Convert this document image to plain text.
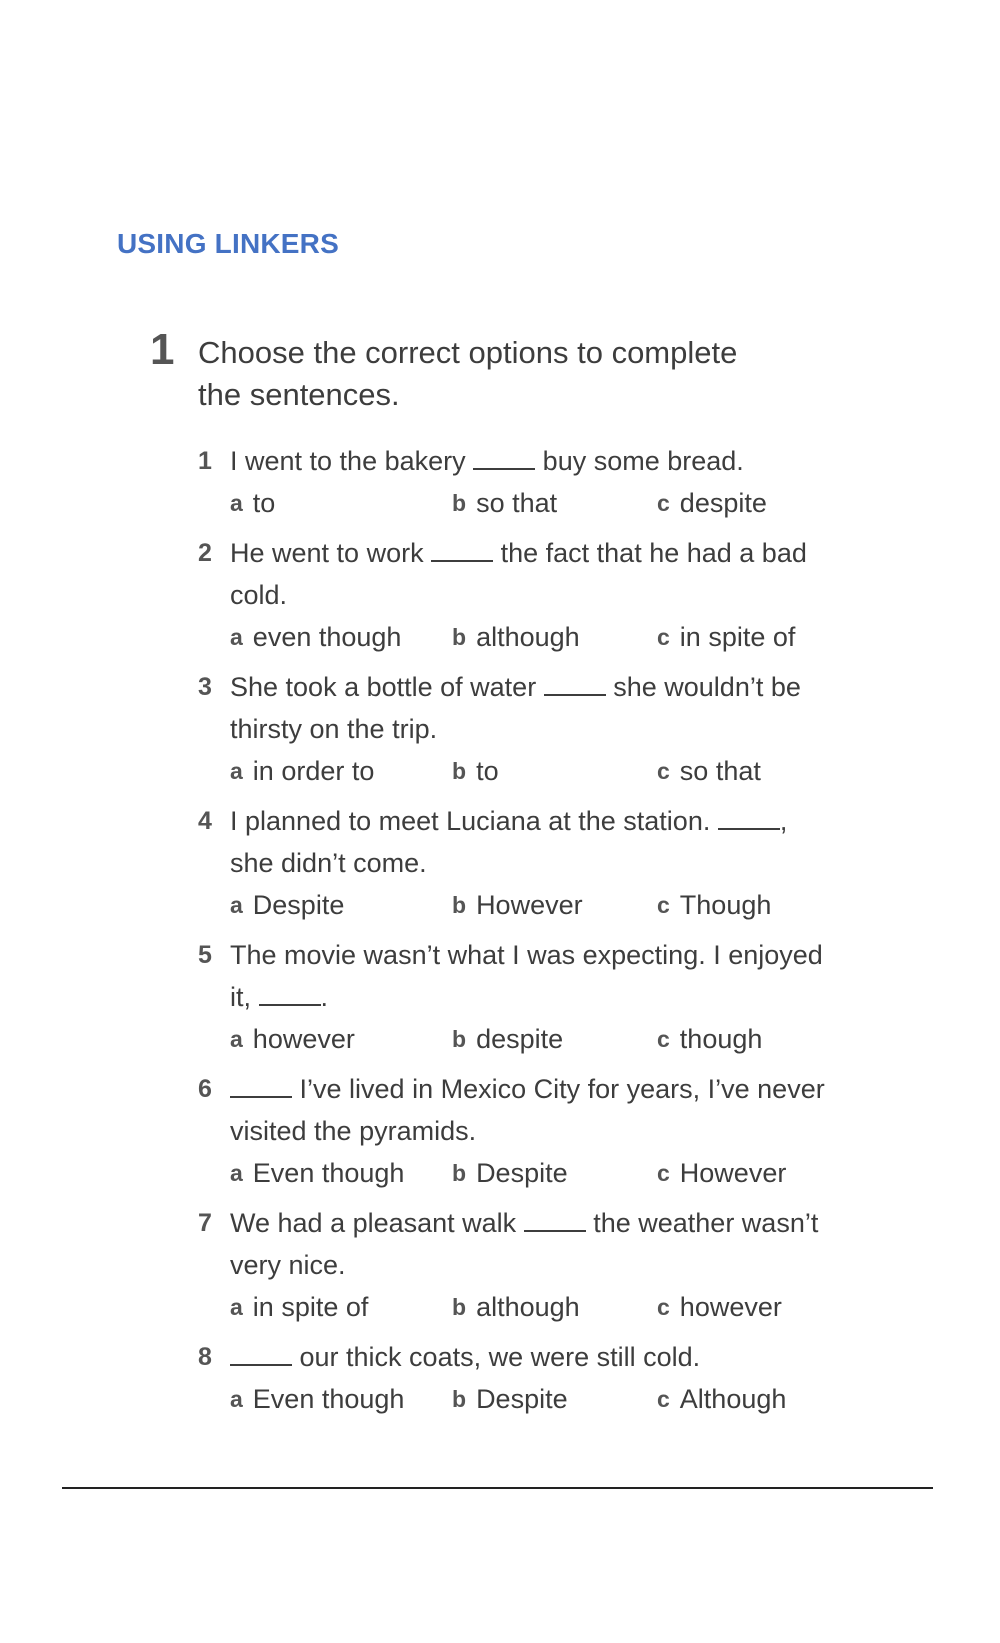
USING LINKERS
1 Choose the correct options to complete the sentences.
1 I went to the bakery	buy some bread.
a to	b so that	c despite
2 He went to work	the fact that he had a bad cold.
a even though b although	c in spite of
3 She took a bottle of water	she wouldn’t be thirsty on the trip.
a in order to	b to	c so that
4 I planned to meet Luciana at the station.	, she didn’t come.
a Despite	b However	c Though
5 The movie wasn’t what I was expecting. I enjoyed it,	.
a however	b despite	c though
6	I’ve lived in Mexico City for years, I’ve never visited the pyramids.
a Even though b Despite	c However
7 We had a pleasant walk	the weather wasn’t very nice.
a in spite of	b although	c however
8	our thick coats, we were still cold.
a Even though b Despite	c Although
